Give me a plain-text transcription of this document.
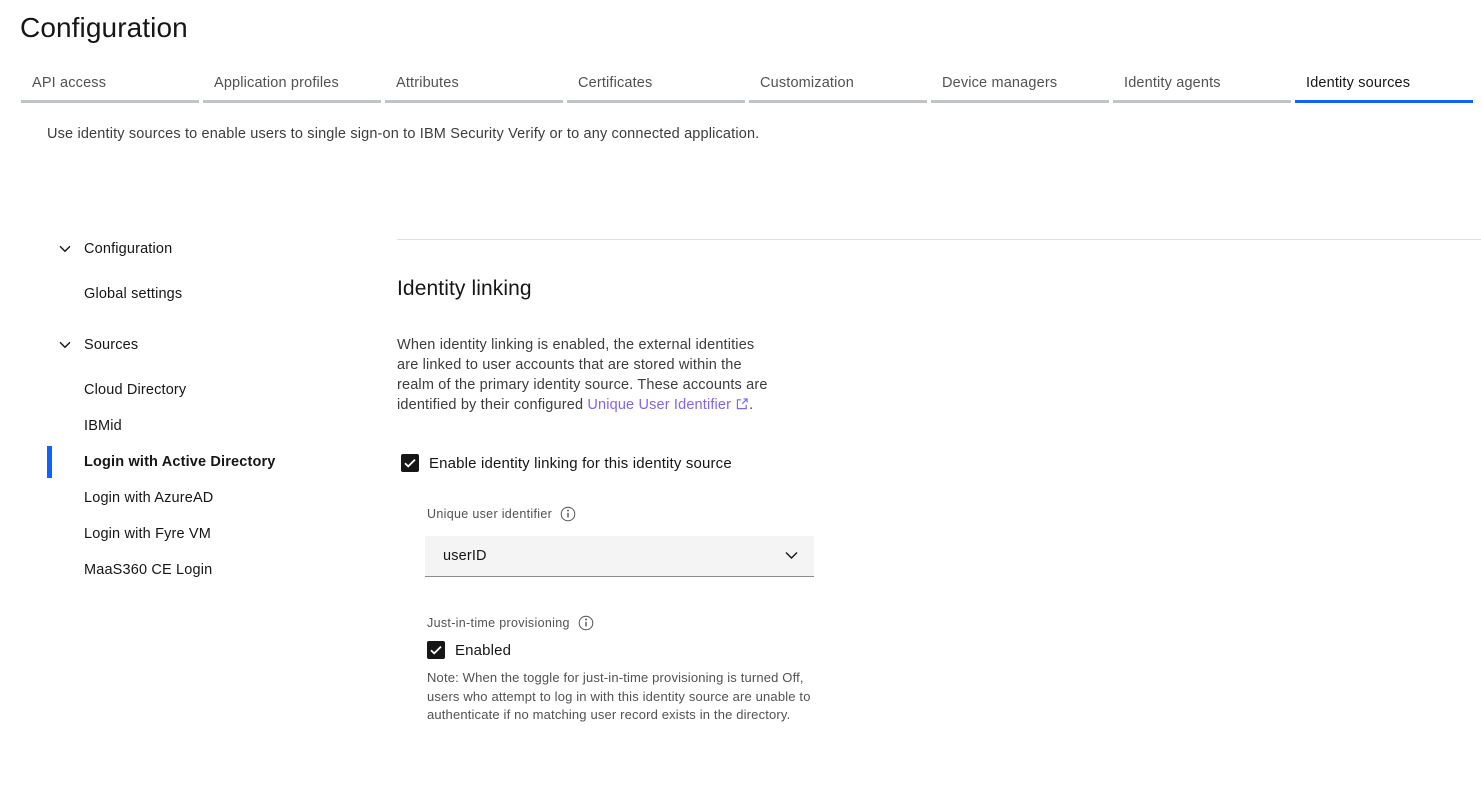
Configuration
API access	Application profiles	Attributes	Certificates	Customization	Device managers	Identity agents	Identity sources
Use identity sources to enable users to single sign-on to IBM Security Verify or to any connected application.
Configuration
Global settings
Sources
Cloud Directory
IBMid
Login with Active Directory
Login with AzureAD
Login with Fyre VM
MaaS360 CE Login
Identity linking
When identity linking is enabled, the external identities
are linked to user accounts that are stored within the
realm of the primary identity source. These accounts are
identified by their configured Unique User Identifier .
Enable identity linking for this identity source
Unique user identifier
userID
Just-in-time provisioning
Enabled
Note: When the toggle for just-in-time provisioning is turned Off, users who attempt to log in with this identity source are unable to authenticate if no matching user record exists in the directory.
